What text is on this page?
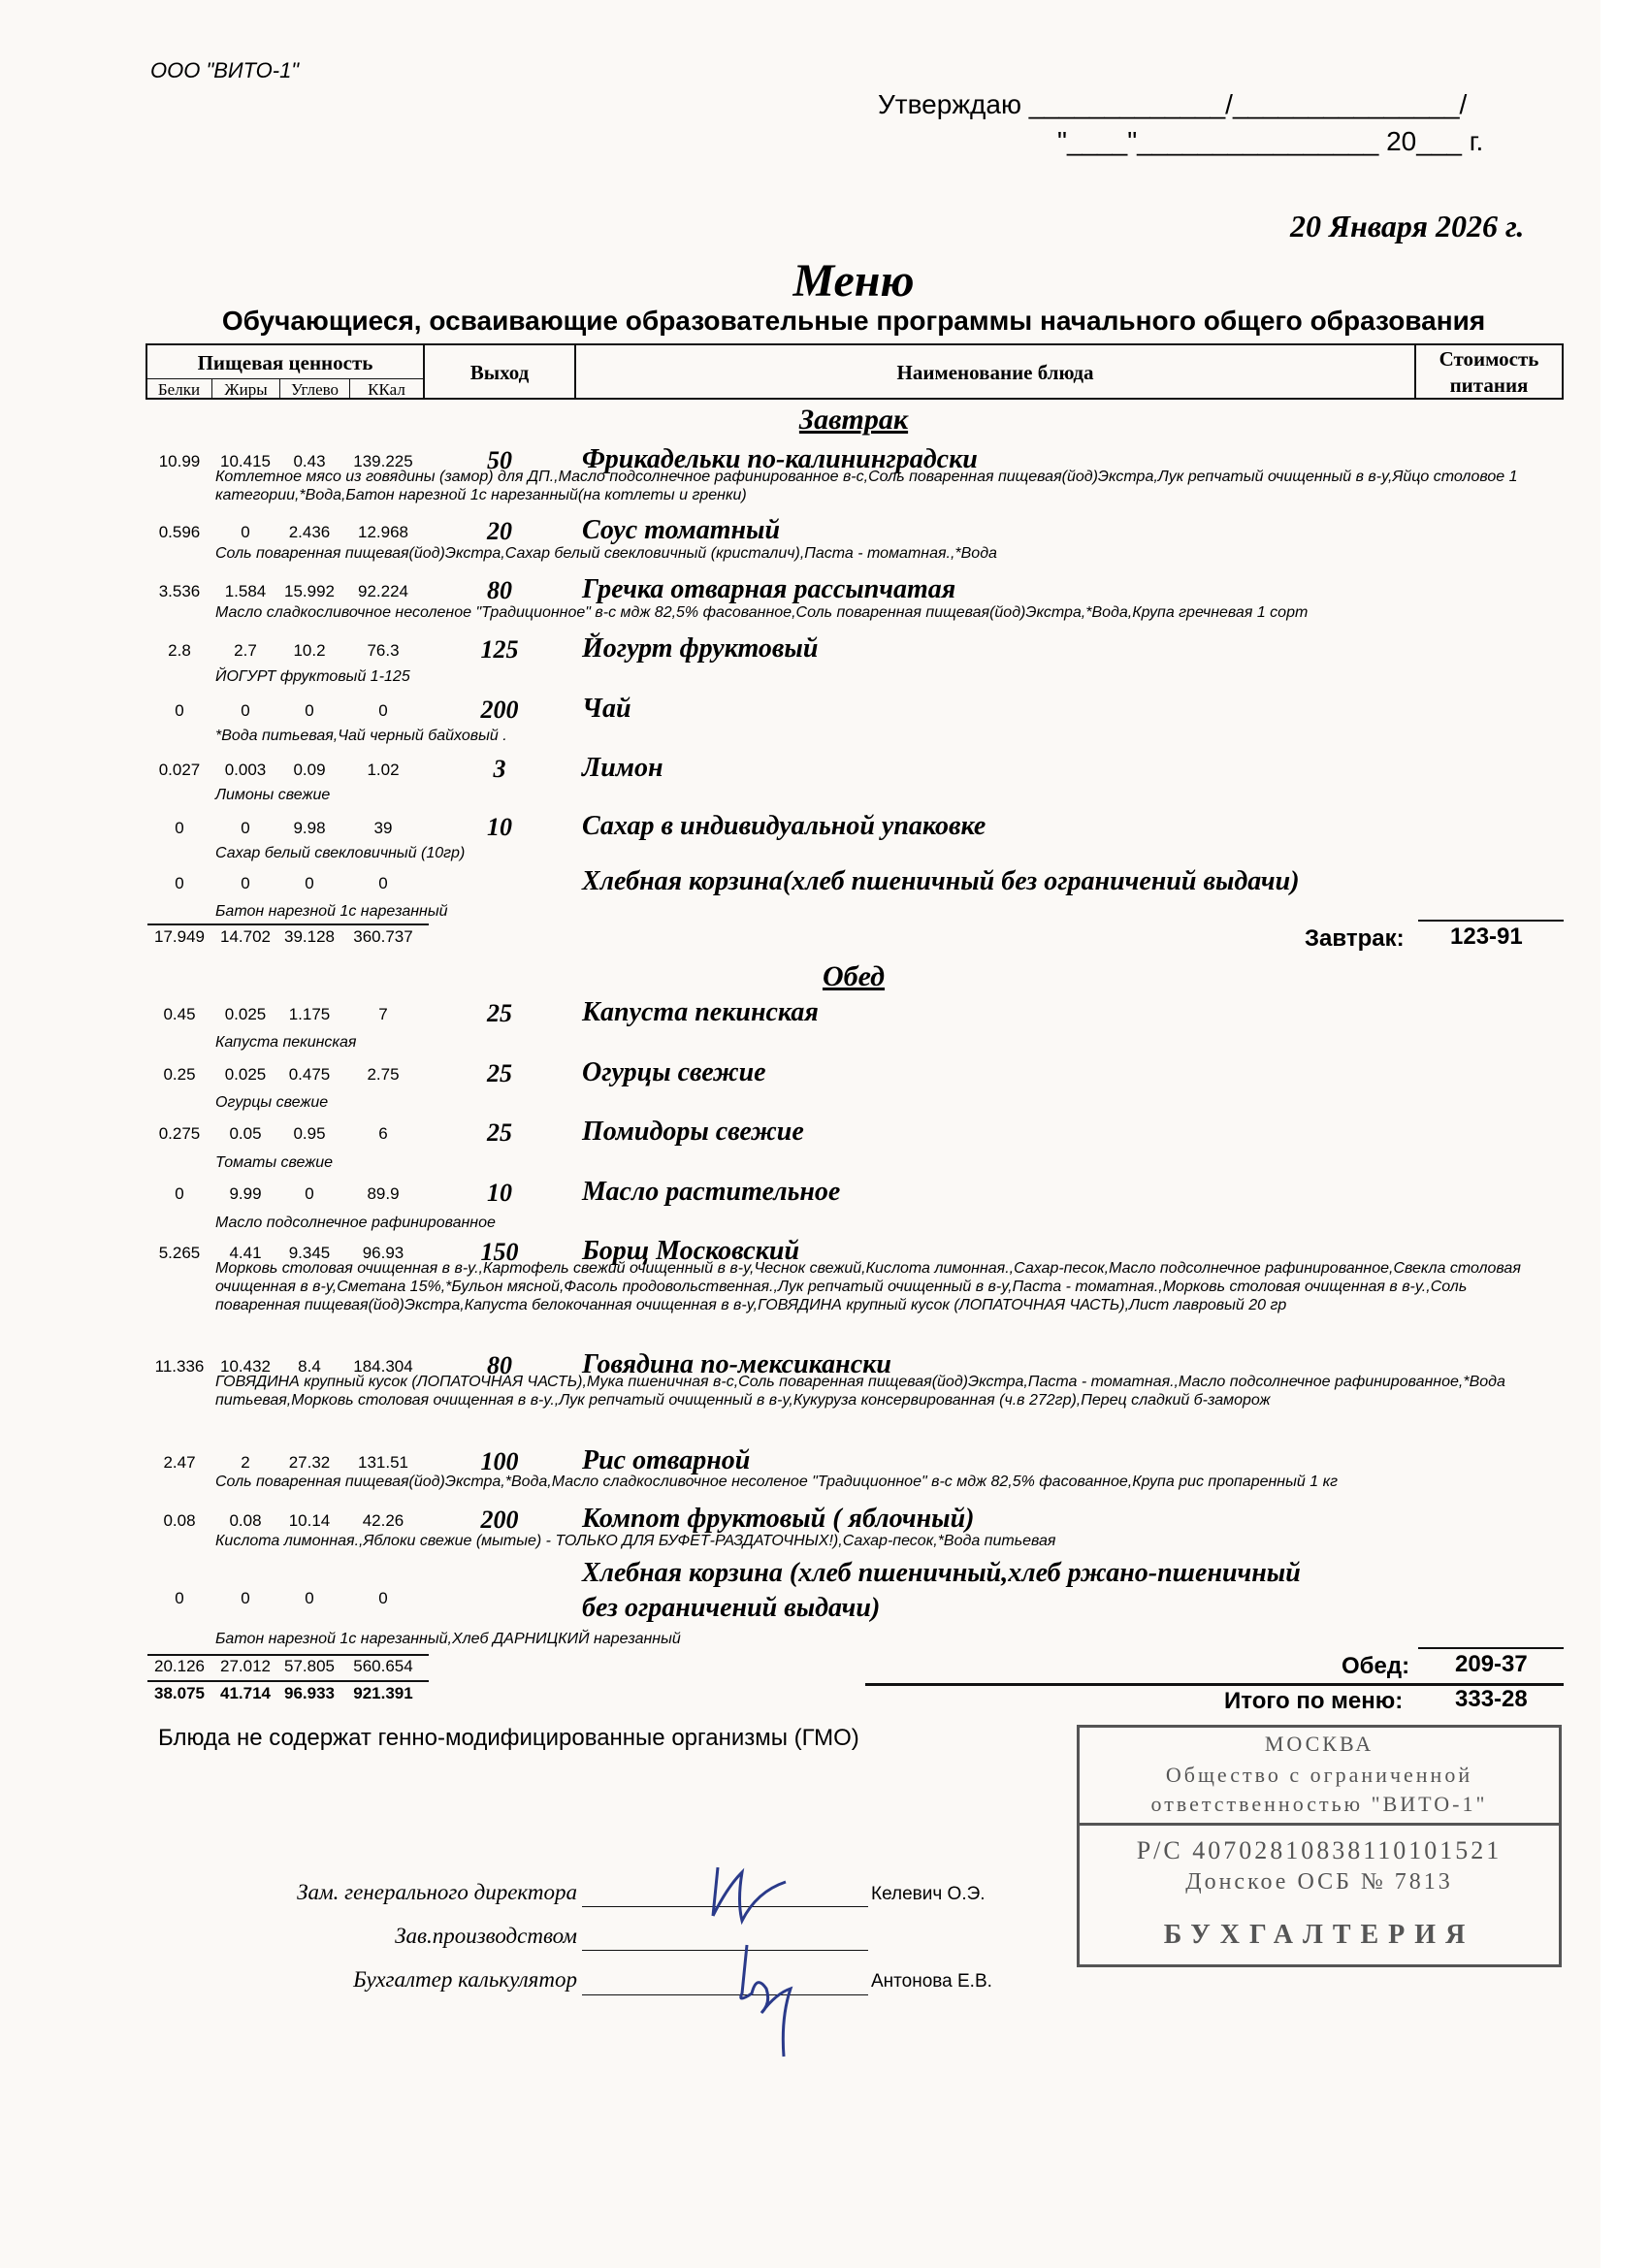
ООО "ВИТО-1"
Утверждаю _____________/_______________/
"____"________________ 20___ г.
20 Января 2026 г.
Меню
Обучающиеся, осваивающие образовательные программы начального общего образования
Пищевая ценность
Белки	Жиры	Углево	ККал
Выход	Наименование блюда
Стоимость
питания
Завтрак
10.99	10.415	0.43	139.225	50	Фрикадельки по-калининградски
Котлетное мясо из говядины (замор) для ДП.,Масло подсолнечное рафинированное в-с,Соль поваренная пищевая(йод)Экстра,Лук репчатый очищенный в в-у,Яйцо столовое 1 категории,*Вода,Батон нарезной 1с нарезанный(на котлеты и гренки)
0.596	0	2.436	12.968	20	Соус томатный
Соль поваренная пищевая(йод)Экстра,Сахар белый свекловичный (кристалич),Паста - томатная.,*Вода
3.536	1.584	15.992	92.224	80	Гречка отварная рассыпчатая
Масло сладкосливочное несоленое "Традиционное" в-с мдж 82,5% фасованное,Соль поваренная пищевая(йод)Экстра,*Вода,Крупа гречневая 1 сорт
2.8	2.7	10.2	76.3	125	Йогурт фруктовый
ЙОГУРТ фруктовый 1-125
0	0	0	0	200	Чай
*Вода питьевая,Чай черный байховый .
0.027	0.003	0.09	1.02	3	Лимон
Лимоны свежие
0	0	9.98	39	10	Сахар в индивидуальной упаковке
Сахар белый свекловичный (10гр)
0	0	0	0	Хлебная корзина(хлеб пшеничный без ограничений выдачи)
Батон нарезной 1с нарезанный
17.949 14.702 39.128	360.737	Завтрак: 123-91
Обед
0.45	0.025	1.175	7	25	Капуста пекинская
Капуста пекинская
0.25	0.025	0.475	2.75	25	Огурцы свежие
Огурцы свежие
0.275	0.05	0.95	6	25	Помидоры свежие
Томаты свежие
0	9.99	0	89.9	10	Масло растительное
Масло подсолнечное рафинированное
5.265	4.41	9.345	96.93	150	Борщ Московский
Морковь столовая очищенная в в-у.,Картофель свежий очищенный в в-у,Чеснок свежий,Кислота лимонная.,Сахар-песок,Масло подсолнечное рафинированное,Свекла столовая очищенная в в-у,Сметана 15%,*Бульон мясной,Фасоль продовольственная.,Лук репчатый очищенный в в-у,Паста - томатная.,Морковь столовая очищенная в в-у.,Соль поваренная пищевая(йод)Экстра,Капуста белокочанная очищенная в в-у,ГОВЯДИНА крупный кусок (ЛОПАТОЧНАЯ ЧАСТЬ),Лист лавровый 20 гр
11.336 10.432	8.4	184.304	80	Говядина по-мексикански
ГОВЯДИНА крупный кусок (ЛОПАТОЧНАЯ ЧАСТЬ),Мука пшеничная в-с,Соль поваренная пищевая(йод)Экстра,Паста - томатная.,Масло подсолнечное рафинированное,*Вода питьевая,Морковь столовая очищенная в в-у.,Лук репчатый очищенный в в-у,Кукуруза консервированная (ч.в 272гр),Перец сладкий б-заморож
2.47	2	27.32	131.51	100	Рис отварной
Соль поваренная пищевая(йод)Экстра,*Вода,Масло сладкосливочное несоленое "Традиционное" в-с мдж 82,5% фасованное,Крупа рис пропаренный 1 кг
0.08	0.08	10.14	42.26	200	Компот фруктовый ( яблочный)
Кислота лимонная.,Яблоки свежие (мытые) - ТОЛЬКО ДЛЯ БУФЕТ-РАЗДАТОЧНЫХ!),Сахар-песок,*Вода питьевая
0	0	0	0
Хлебная корзина (хлеб пшеничный,хлеб ржано-пшеничный
без ограничений выдачи)
Батон нарезной 1с нарезанный,Хлеб ДАРНИЦКИЙ нарезанный
20.126 27.012 57.805	560.654
38.075 41.714 96.933	921.391
Обед: 209-37
Итого по меню: 333-28
Блюда не содержат генно-модифицированные организмы (ГМО)	МОСКВА
Общество с ограниченной
ответственностью "ВИТО-1"
Р/С 40702810838110101521
Донское ОСБ № 7813
БУХГАЛТЕРИЯ
Зам. генерального директора	Келевич О.Э.
Зав.производством
Бухгалтер калькулятор	Антонова Е.В.
